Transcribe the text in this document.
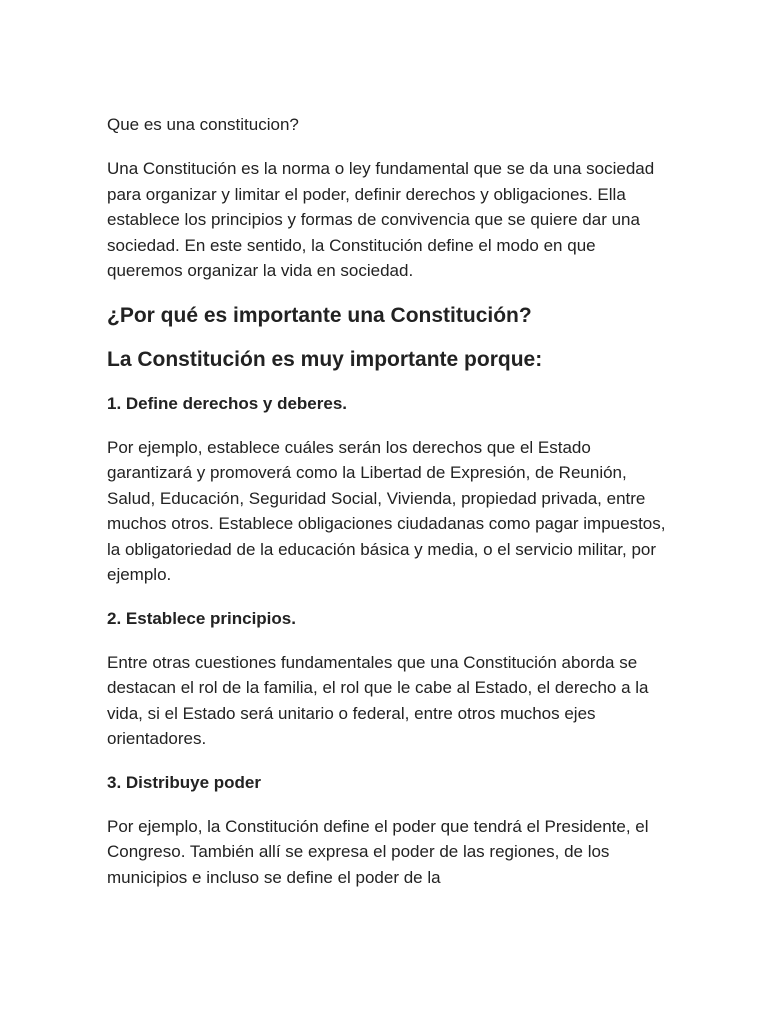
Que es una constitucion?

Una Constitución es la norma o ley fundamental que se da una sociedad para organizar y limitar el poder, definir derechos y obligaciones. Ella establece los principios y formas de convivencia que se quiere dar una sociedad. En este sentido, la Constitución define el modo en que queremos organizar la vida en sociedad.

¿Por qué es importante una Constitución?
La Constitución es muy importante porque:
1. Define derechos y deberes.

Por ejemplo, establece cuáles serán los derechos que el Estado garantizará y promoverá como la Libertad de Expresión, de Reunión, Salud, Educación, Seguridad Social, Vivienda, propiedad privada, entre muchos otros. Establece obligaciones ciudadanas como pagar impuestos, la obligatoriedad de la educación básica y media, o el servicio militar, por ejemplo.

2. Establece principios.

Entre otras cuestiones fundamentales que una Constitución aborda se destacan el rol de la familia, el rol que le cabe al Estado, el derecho a la vida, si el Estado será unitario o federal, entre otros muchos ejes orientadores.

3. Distribuye poder

Por ejemplo, la Constitución define el poder que tendrá el Presidente, el Congreso. También allí se expresa el poder de las regiones, de los municipios e incluso se define el poder de la
